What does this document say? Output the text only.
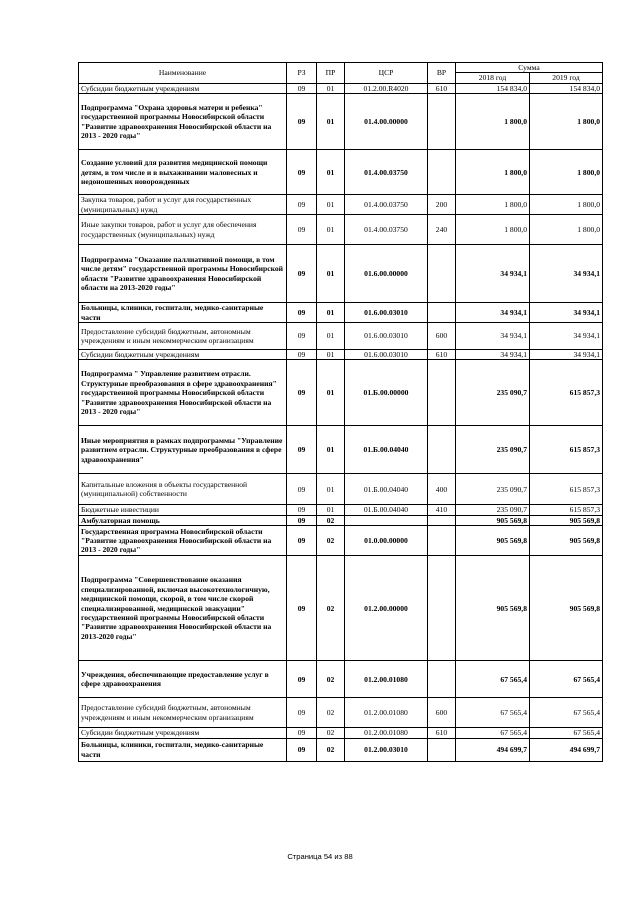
Наименование	РЗ	ПР	ЦСР	ВР	Сумма	
					2018 год	2019 год
Субсидии бюджетным учреждениям	09	01	01.2.00.R4020	610	154 834,0	154 834,0
Подпрограмма "Охрана здоровья матери и ребенка" государственной программы Новосибирской области "Развитие здравоохранения Новосибирской области на 2013 - 2020 годы"	09	01	01.4.00.00000		1 800,0	1 800,0
Создание условий для развития медицинской помощи детям, в том числе и в выхаживании маловесных и недоношенных новорожденных	09	01	01.4.00.03750		1 800,0	1 800,0
Закупка товаров, работ и услуг для государственных (муниципальных) нужд	09	01	01.4.00.03750	200	1 800,0	1 800,0
Иные закупки товаров, работ и услуг для обеспечения государственных (муниципальных) нужд	09	01	01.4.00.03750	240	1 800,0	1 800,0
Подпрограмма "Оказание паллиативной помощи, в том числе детям" государственной программы Новосибирской области "Развитие здравоохранения Новосибирской области на 2013-2020 годы"	09	01	01.6.00.00000		34 934,1	34 934,1
Больницы, клиники, госпитали, медико-санитарные части	09	01	01.6.00.03010		34 934,1	34 934,1
Предоставление субсидий бюджетным, автономным учреждениям и иным некоммерческим организациям	09	01	01.6.00.03010	600	34 934,1	34 934,1
Субсидии бюджетным учреждениям	09	01	01.6.00.03010	610	34 934,1	34 934,1
Подпрограмма " Управление развитием отрасли. Структурные преобразования в сфере здравоохранения" государственной программы Новосибирской области "Развитие здравоохранения Новосибирской области на 2013 - 2020 годы"	09	01	01.Б.00.00000		235 090,7	615 857,3
Иные мероприятия в рамках подпрограммы "Управление развитием отрасли. Структурные преобразования в сфере здравоохранения"	09	01	01.Б.00.04040		235 090,7	615 857,3
Капитальные вложения в объекты государственной (муниципальной) собственности	09	01	01.Б.00.04040	400	235 090,7	615 857,3
Бюджетные инвестиции	09	01	01.Б.00.04040	410	235 090,7	615 857,3
Амбулаторная помощь	09	02			905 569,8	905 569,8
Государственная программа Новосибирской области "Развитие здравоохранения Новосибирской области на 2013 - 2020 годы"	09	02	01.0.00.00000		905 569,8	905 569,8
Подпрограмма "Совершенствование оказания специализированной, включая высокотехнологичную, медицинской помощи, скорой, в том числе скорой специализированной, медицинской эвакуации" государственной программы Новосибирской области "Развитие здравоохранения Новосибирской области на 2013-2020 годы"	09	02	01.2.00.00000		905 569,8	905 569,8
Учреждения, обеспечивающие предоставление услуг в сфере здравоохранения	09	02	01.2.00.01080		67 565,4	67 565,4
Предоставление субсидий бюджетным, автономным учреждениям и иным некоммерческим организациям	09	02	01.2.00.01080	600	67 565,4	67 565,4
Субсидии бюджетным учреждениям	09	02	01.2.00.01080	610	67 565,4	67 565,4
Больницы, клиники, госпитали, медико-санитарные части	09	02	01.2.00.03010		494 699,7	494 699,7
Страница 54 из 88
